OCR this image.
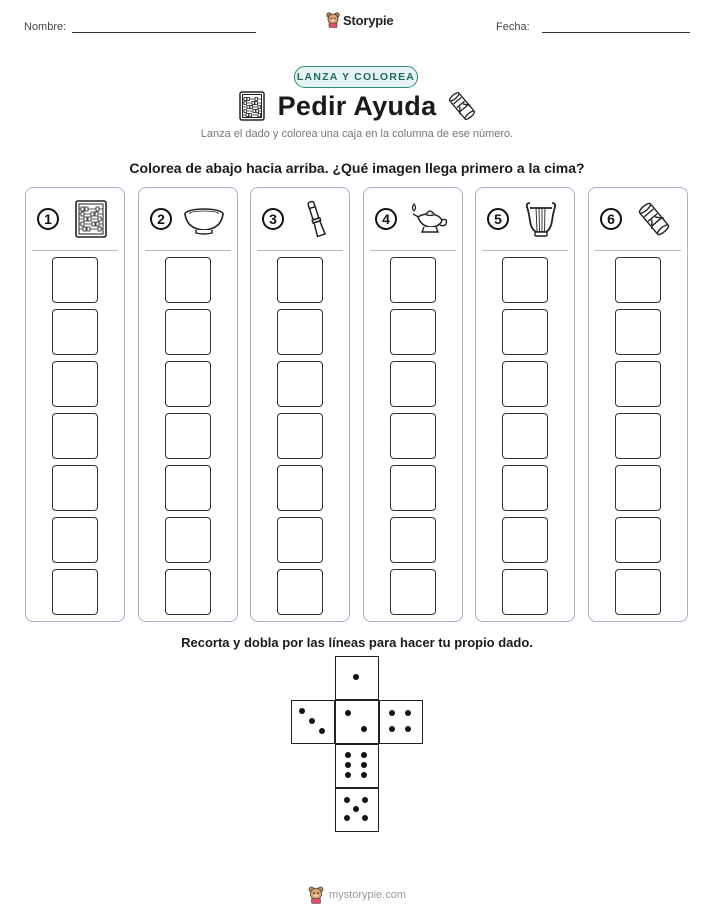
Nombre:	Storypie	Fecha:
LANZA Y COLOREA
Pedir Ayuda
Lanza el dado y colorea una caja en la columna de ese número.
Colorea de abajo hacia arriba. ¿Qué imagen llega primero a la cima?
1	2	3	4	5	6
Recorta y dobla por las líneas para hacer tu propio dado.
mystorypie.com
